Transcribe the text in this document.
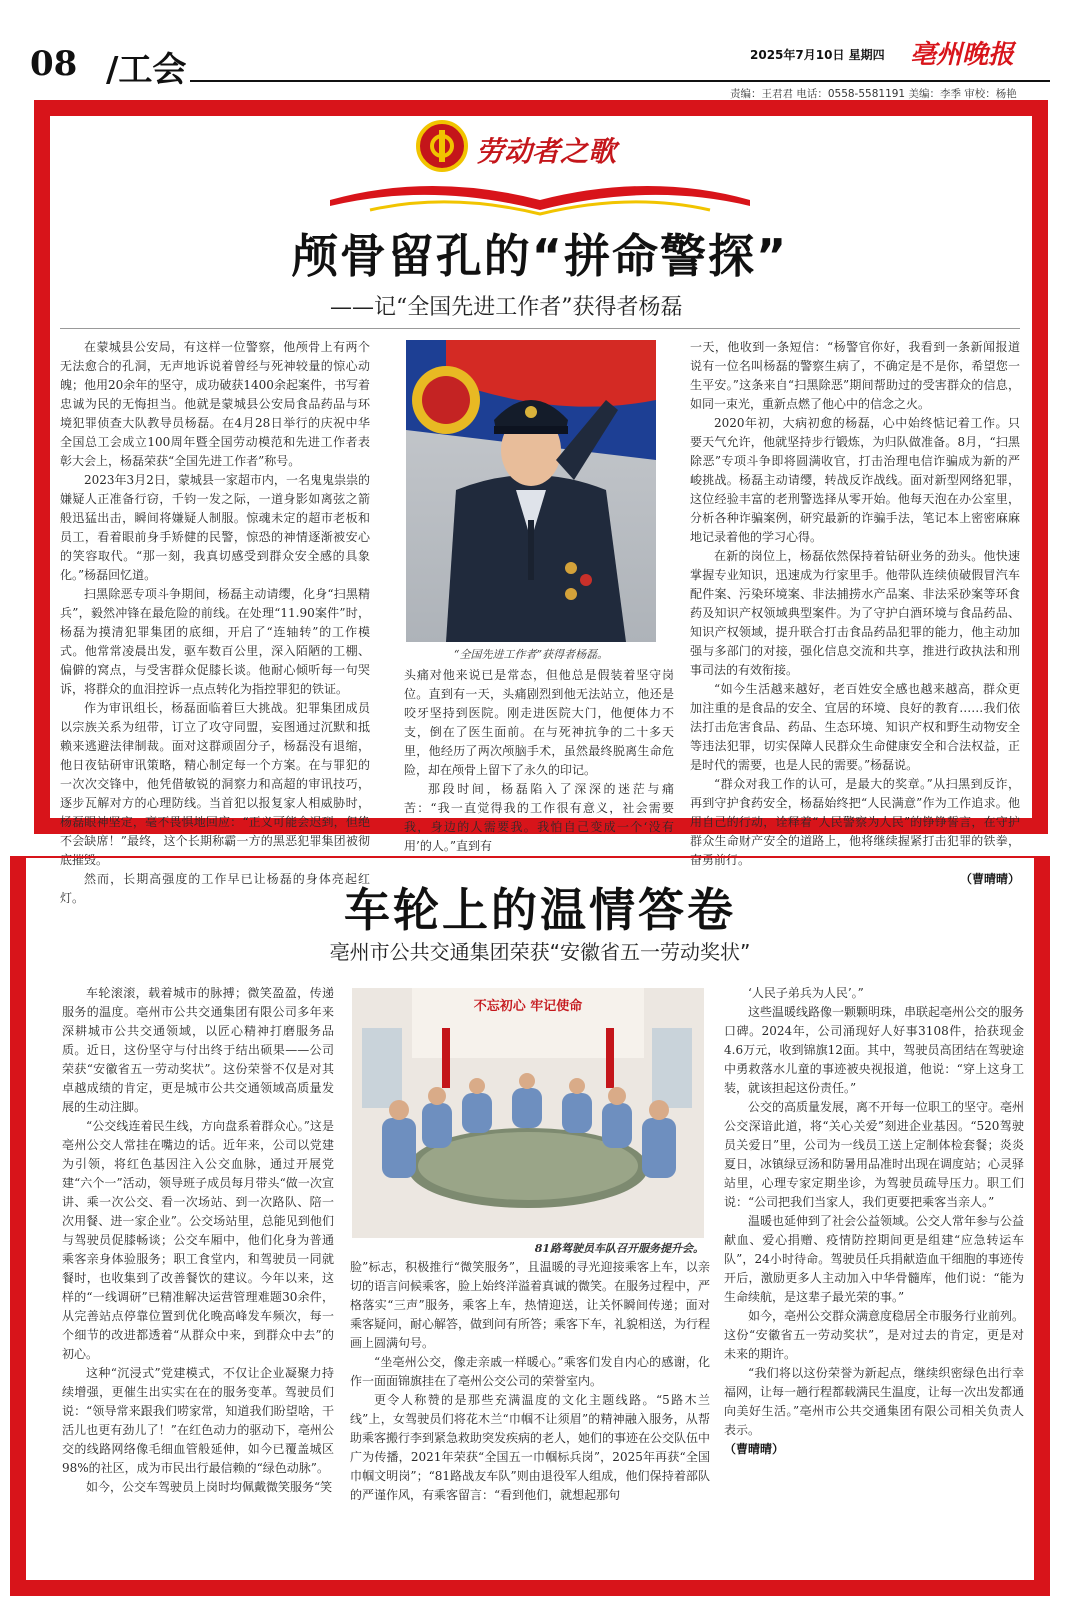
08 /工会	2025年7月10日 星期四 亳州晚报
责编：王君君 电话：0558-5581191 美编：李季 审校：杨艳
劳动者之歌
颅骨留孔的“拼命警探”
——记“全国先进工作者”获得者杨磊

在蒙城县公安局，有这样一位警察，他颅骨上有两个无法愈合的孔洞，无声地诉说着曾经与死神较量的惊心动魄；他用20余年的坚守，成功破获1400余起案件，书写着忠诚为民的无悔担当。他就是蒙城县公安局食品药品与环境犯罪侦查大队教导员杨磊。在4月28日举行的庆祝中华全国总工会成立100周年暨全国劳动模范和先进工作者表彰大会上，杨磊荣获“全国先进工作者”称号。

2023年3月2日，蒙城县一家超市内，一名鬼鬼祟祟的嫌疑人正准备行窃，千钧一发之际，一道身影如离弦之箭般迅猛出击，瞬间将嫌疑人制服。惊魂未定的超市老板和员工，看着眼前身手矫健的民警，惊恐的神情逐渐被安心的笑容取代。“那一刻，我真切感受到群众安全感的具象化。”杨磊回忆道。

扫黑除恶专项斗争期间，杨磊主动请缨，化身“扫黑精兵”，毅然冲锋在最危险的前线。在处理“11.90案件”时，杨磊为摸清犯罪集团的底细，开启了“连轴转”的工作模式。他常常凌晨出发，驱车数百公里，深入陌陋的工棚、偏僻的窝点，与受害群众促膝长谈。他耐心倾听每一句哭诉，将群众的血泪控诉一点点转化为指控罪犯的铁证。

作为审讯组长，杨磊面临着巨大挑战。犯罪集团成员以宗族关系为纽带，订立了攻守同盟，妄图通过沉默和抵赖来逃避法律制裁。面对这群顽固分子，杨磊没有退缩，他日夜钻研审讯策略，精心制定每一个方案。在与罪犯的一次次交锋中，他凭借敏锐的洞察力和高超的审讯技巧，逐步瓦解对方的心理防线。当首犯以报复家人相威胁时，杨磊眼神坚定，毫不畏惧地回应：“正义可能会迟到，但绝不会缺席！”最终，这个长期称霸一方的黑恶犯罪集团被彻底摧毁。

然而，长期高强度的工作早已让杨磊的身体亮起红灯。

“全国先进工作者”获得者杨磊。

头痛对他来说已是常态，但他总是假装着坚守岗位。直到有一天，头痛剧烈到他无法站立，他还是咬牙坚持到医院。刚走进医院大门，他便体力不支，倒在了医生面前。在与死神抗争的二十多天里，他经历了两次颅脑手术，虽然最终脱离生命危险，却在颅骨上留下了永久的印记。

那段时间，杨磊陷入了深深的迷茫与痛苦：“我一直觉得我的工作很有意义，社会需要我，身边的人需要我。我怕自己变成一个‘没有用’的人。”直到有

一天，他收到一条短信：“杨警官你好，我看到一条新闻报道说有一位名叫杨磊的警察生病了，不确定是不是你，希望您一生平安。”这条来自“扫黑除恶”期间帮助过的受害群众的信息，如同一束光，重新点燃了他心中的信念之火。

2020年初，大病初愈的杨磊，心中始终惦记着工作。只要天气允许，他就坚持步行锻炼，为归队做准备。8月，“扫黑除恶”专项斗争即将圆满收官，打击治理电信诈骗成为新的严峻挑战。杨磊主动请缨，转战反诈战线。面对新型网络犯罪，这位经验丰富的老刑警选择从零开始。他每天泡在办公室里，分析各种诈骗案例，研究最新的诈骗手法，笔记本上密密麻麻地记录着他的学习心得。

在新的岗位上，杨磊依然保持着钻研业务的劲头。他快速掌握专业知识，迅速成为行家里手。他带队连续侦破假冒汽车配件案、污染环境案、非法捕捞水产品案、非法采砂案等环食药及知识产权领域典型案件。为了守护白酒环境与食品药品、知识产权领域，提升联合打击食品药品犯罪的能力，他主动加强与多部门的对接，强化信息交流和共享，推进行政执法和刑事司法的有效衔接。

“如今生活越来越好，老百姓安全感也越来越高，群众更加注重的是食品的安全、宜居的环境、良好的教育……我们依法打击危害食品、药品、生态环境、知识产权和野生动物安全等违法犯罪，切实保障人民群众生命健康安全和合法权益，正是时代的需要，也是人民的需要。”杨磊说。

“群众对我工作的认可，是最大的奖章。”从扫黑到反诈，再到守护食药安全，杨磊始终把“人民满意”作为工作追求。他用自己的行动，诠释着“人民警察为人民”的铮铮誓言，在守护群众生命财产安全的道路上，他将继续握紧打击犯罪的铁拳，奋勇前行。

（曹晴晴）

车轮上的温情答卷
亳州市公共交通集团荣获“安徽省五一劳动奖状”

车轮滚滚，载着城市的脉搏；微笑盈盈，传递服务的温度。亳州市公共交通集团有限公司多年来深耕城市公共交通领域，以匠心精神打磨服务品质。近日，这份坚守与付出终于结出硕果——公司荣获“安徽省五一劳动奖状”。这份荣誉不仅是对其卓越成绩的肯定，更是城市公共交通领域高质量发展的生动注脚。

“公交线连着民生线，方向盘系着群众心。”这是亳州公交人常挂在嘴边的话。近年来，公司以党建为引领，将红色基因注入公交血脉，通过开展党建“六个一”活动，领导班子成员每月带头“做一次宣讲、乘一次公交、看一次场站、到一次路队、陪一次用餐、进一家企业”。公交场站里，总能见到他们与驾驶员促膝畅谈；公交车厢中，他们化身为普通乘客亲身体验服务；职工食堂内，和驾驶员一同就餐时，也收集到了改善餐饮的建议。今年以来，这样的“一线调研”已精准解决运营管理难题30余件，从完善站点停靠位置到优化晚高峰发车频次，每一个细节的改进都透着“从群众中来，到群众中去”的初心。

这种“沉浸式”党建模式，不仅让企业凝聚力持续增强，更催生出实实在在的服务变革。驾驶员们说：“领导常来跟我们唠家常，知道我们盼望啥，干活儿也更有劲儿了！”在红色动力的驱动下，亳州公交的线路网络像毛细血管般延伸，如今已覆盖城区98%的社区，成为市民出行最信赖的“绿色动脉”。

如今，公交车驾驶员上岗时均佩戴微笑服务“笑

不忘初心 牢记使命
81路驾驶员车队召开服务提升会。

脸”标志，积极推行“微笑服务”，且温暖的寻光迎接乘客上车，以亲切的语言问候乘客，脸上始终洋溢着真诚的微笑。在服务过程中，严格落实“三声”服务，乘客上车，热情迎送，让关怀瞬间传递；面对乘客疑问，耐心解答，做到问有所答；乘客下车，礼貌相送，为行程画上圆满句号。

“坐亳州公交，像走亲戚一样暖心。”乘客们发自内心的感谢，化作一面面锦旗挂在了亳州公交公司的荣誉室内。

更令人称赞的是那些充满温度的文化主题线路。“5路木兰线”上，女驾驶员们将花木兰“巾帼不让须眉”的精神融入服务，从帮助乘客搬行李到紧急救助突发疾病的老人，她们的事迹在公交队伍中广为传播，2021年荣获“全国五一巾帼标兵岗”，2025年再获“全国巾帼文明岗”；“81路战友车队”则由退役军人组成，他们保持着部队的严谨作风，有乘客留言：“看到他们，就想起那句

‘人民子弟兵为人民’。”

这些温暖线路像一颗颗明珠，串联起亳州公交的服务口碑。2024年，公司涌现好人好事3108件，拾获现金4.6万元，收到锦旗12面。其中，驾驶员高团结在驾驶途中勇救落水儿童的事迹被央视报道，他说：“穿上这身工装，就该担起这份责任。”

公交的高质量发展，离不开每一位职工的坚守。亳州公交深谙此道，将“关心关爱”刻进企业基因。“520驾驶员关爱日”里，公司为一线员工送上定制体检套餐；炎炎夏日，冰镇绿豆汤和防暑用品准时出现在调度站；心灵驿站里，心理专家定期坐诊，为驾驶员疏导压力。职工们说：“公司把我们当家人，我们更要把乘客当亲人。”

温暖也延伸到了社会公益领域。公交人常年参与公益献血、爱心捐赠、疫情防控期间更是组建“应急转运车队”，24小时待命。驾驶员任兵捐献造血干细胞的事迹传开后，激励更多人主动加入中华骨髓库，他们说：“能为生命续航，是这辈子最光荣的事。”

如今，亳州公交群众满意度稳居全市服务行业前列。这份“安徽省五一劳动奖状”，是对过去的肯定，更是对未来的期许。

“我们将以这份荣誉为新起点，继续织密绿色出行幸福网，让每一趟行程都载满民生温度，让每一次出发都通向美好生活。”亳州市公共交通集团有限公司相关负责人表示。

（曹晴晴）
